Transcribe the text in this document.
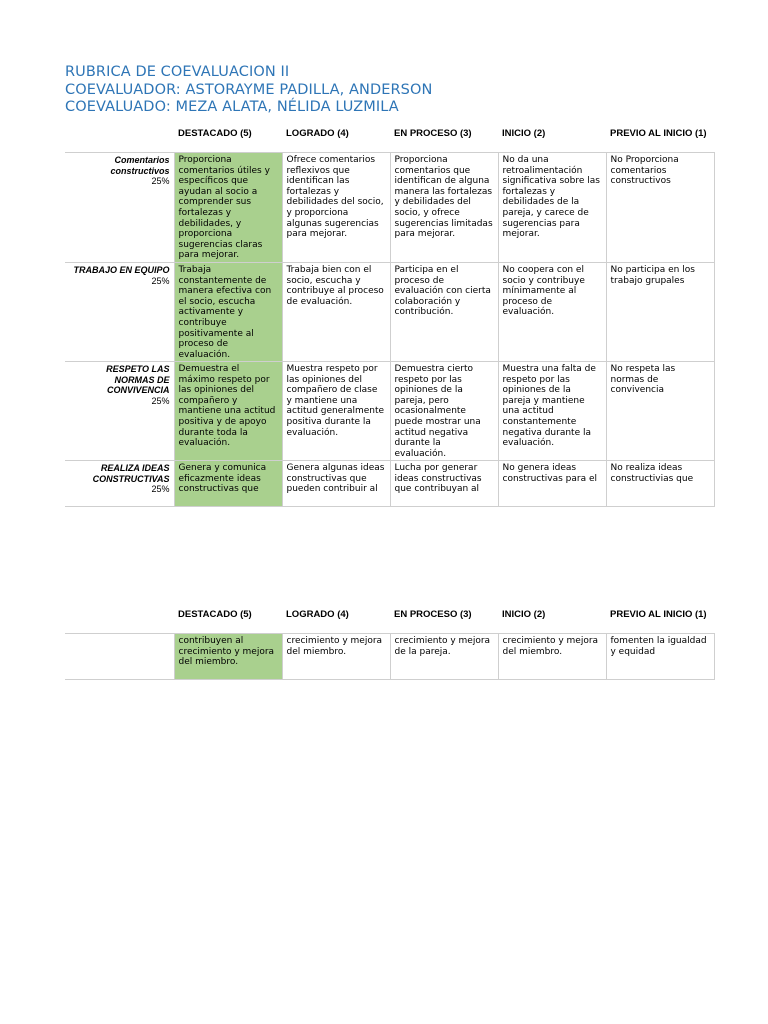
RUBRICA DE COEVALUACION II
COEVALUADOR: ASTORAYME PADILLA, ANDERSON
COEVALUADO: MEZA ALATA, NÉLIDA LUZMILA
	DESTACADO (5)	LOGRADO (4)	EN PROCESO (3)	INICIO (2)	PREVIO AL INICIO (1)

Comentarios constructivos
25%	Proporciona comentarios útiles y específicos que ayudan al socio a comprender sus fortalezas y debilidades, y proporciona sugerencias claras para mejorar.	Ofrece comentarios reflexivos que identifican las fortalezas y debilidades del socio, y proporciona algunas sugerencias para mejorar.	Proporciona comentarios que identifican de alguna manera las fortalezas y debilidades del socio, y ofrece sugerencias limitadas para mejorar.	No da una retroalimentación significativa sobre las fortalezas y debilidades de la pareja, y carece de sugerencias para mejorar.	No Proporciona comentarios constructivos

TRABAJO EN EQUIPO
25%	Trabaja constantemente de manera efectiva con el socio, escucha activamente y contribuye positivamente al proceso de evaluación.	Trabaja bien con el socio, escucha y contribuye al proceso de evaluación.	Participa en el proceso de evaluación con cierta colaboración y contribución.	No coopera con el socio y contribuye mínimamente al proceso de evaluación.	No participa en los trabajo grupales

RESPETO LAS NORMAS DE CONVIVENCIA
25%	Demuestra el máximo respeto por las opiniones del compañero y mantiene una actitud positiva y de apoyo durante toda la evaluación.	Muestra respeto por las opiniones del compañero de clase y mantiene una actitud generalmente positiva durante la evaluación.	Demuestra cierto respeto por las opiniones de la pareja, pero ocasionalmente puede mostrar una actitud negativa durante la evaluación.	Muestra una falta de respeto por las opiniones de la pareja y mantiene una actitud constantemente negativa durante la evaluación.	No respeta las normas de convivencia

REALIZA IDEAS CONSTRUCTIVAS
25%	Genera y comunica eficazmente ideas constructivas que	Genera algunas ideas constructivas que pueden contribuir al	Lucha por generar ideas constructivas que contribuyan al	No genera ideas constructivas para el	No realiza ideas constructivias que
	DESTACADO (5)	LOGRADO (4)	EN PROCESO (3)	INICIO (2)	PREVIO AL INICIO (1)

	contribuyen al crecimiento y mejora del miembro.	crecimiento y mejora del miembro.	crecimiento y mejora de la pareja.	crecimiento y mejora del miembro.	fomenten la igualdad y equidad
